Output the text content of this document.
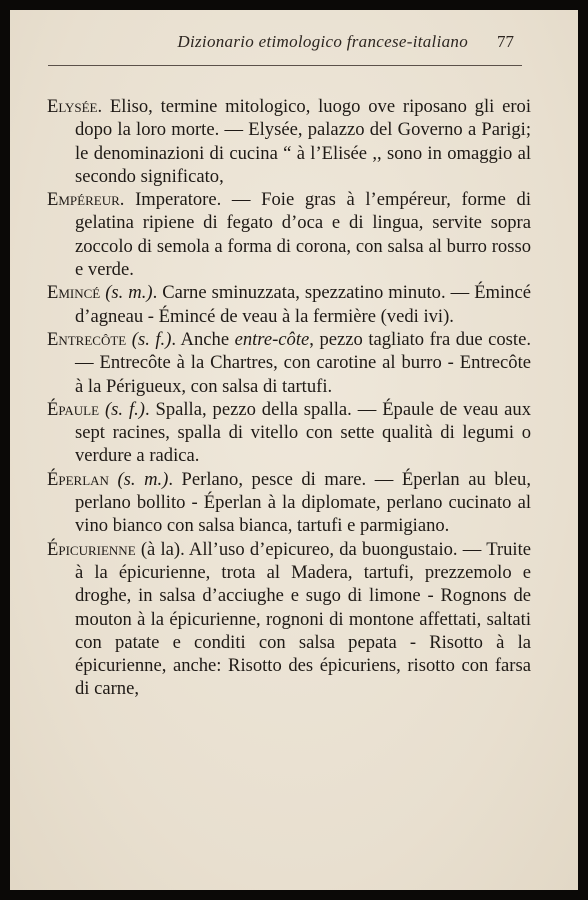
Dizionario etimologico francese-italiano 77

Elysée. Eliso, termine mitologico, luogo ove riposano gli eroi dopo la loro morte. — Elysée, palazzo del Governo a Parigi; le denominazioni di cucina “ à l’Elisée ,, sono in omaggio al secondo significato,

Empéreur. Imperatore. — Foie gras à l’empéreur, forme di gelatina ripiene di fegato d’oca e di lingua, servite sopra zoccolo di semola a forma di corona, con salsa al burro rosso e verde.

Emincé (s. m.). Carne sminuzzata, spezzatino minuto. — Émincé d’agneau - Émincé de veau à la fermière (vedi ivi).

Entrecôte (s. f.). Anche entre-côte, pezzo tagliato fra due coste. — Entrecôte à la Chartres, con carotine al burro - Entrecôte à la Périgueux, con salsa di tartufi.

Épaule (s. f.). Spalla, pezzo della spalla. — Épaule de veau aux sept racines, spalla di vitello con sette qualità di legumi o verdure a radica.

Éperlan (s. m.). Perlano, pesce di mare. — Éperlan au bleu, perlano bollito - Éperlan à la diplomate, perlano cucinato al vino bianco con salsa bianca, tartufi e parmigiano.

Épicurienne (à la). All’uso d’epicureo, da buongustaio. — Truite à la épicurienne, trota al Madera, tartufi, prezzemolo e droghe, in salsa d’acciughe e sugo di limone - Rognons de mouton à la épicurienne, rognoni di montone affettati, saltati con patate e conditi con salsa pepata - Risotto à la épicurienne, anche: Risotto des épicuriens, risotto con farsa di carne,
